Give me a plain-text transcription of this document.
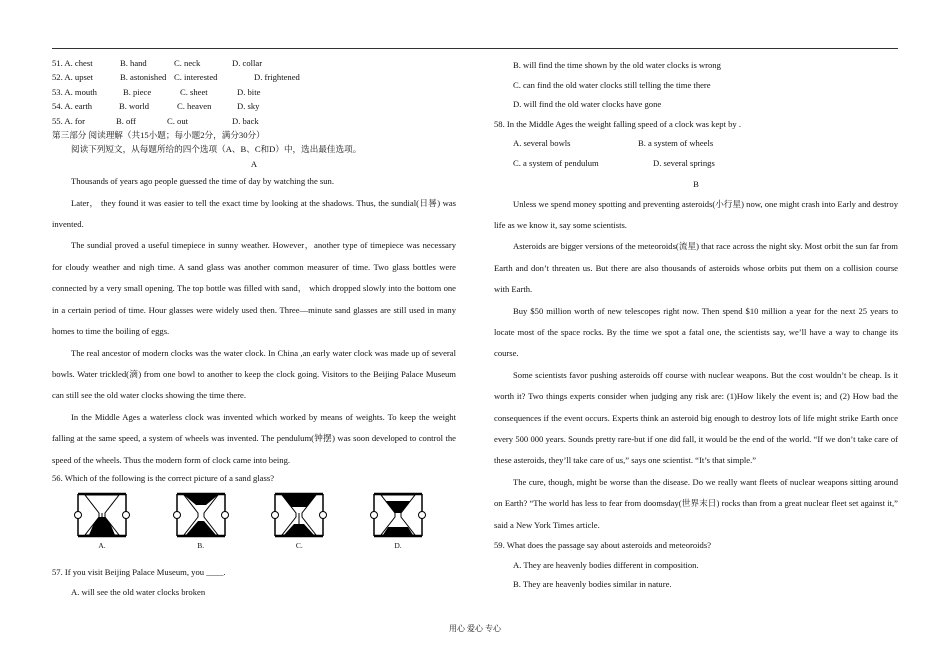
51. A. chest	B. hand	C. neck	D. collar
52. A. upset	B. astonished C. interested	D. frightened
53. A. mouth	B. piece	C. sheet	D. bite
54. A. earth	B. world	C. heaven	D. sky
55. A. for	B. off	C. out	D. back
第三部分 阅读理解（共15小题；每小题2分，满分30分）
阅读下列短文，从每题所给的四个选项（A、B、C和D）中，选出最佳选项。
A
Thousands of years ago people guessed the time of day by watching the sun.
Later， they found it was easier to tell the exact time by looking at the shadows. Thus, the sundial(日晷) was invented.
The sundial proved a useful timepiece in sunny weather. However，another type of timepiece was necessary for cloudy weather and nigh time. A sand glass was another common measurer of time. Two glass bottles were connected by a very small opening. The top bottle was filled with sand， which dropped slowly into the bottom one in a certain period of time. Hour glasses were widely used then. Three—minute sand glasses are still used in many homes to time the boiling of eggs.
The real ancestor of modern clocks was the water clock. In China ,an early water clock was made up of several bowls. Water trickled(滴) from one bowl to another to keep the clock going. Visitors to the Beijing Palace Museum can still see the old water clocks showing the time there.
In the Middle Ages a waterless clock was invented which worked by means of weights. To keep the weight falling at the same speed, a system of wheels was invented. The pendulum(钟摆) was soon developed to control the speed of the wheels. Thus the modern form of clock came into being.
56. Which of the following is the correct picture of a sand glass?
A.	B.	C.	D.
57. If you visit Beijing Palace Museum, you ____.
A. will see the old water clocks broken
B. will find the time shown by the old water clocks is wrong
C. can find the old water clocks still telling the time there
D. will find the old water clocks have gone
58. In the Middle Ages the weight falling speed of a clock was kept by .
A. several bowls	B. a system of wheels
C. a system of pendulum	D. several springs
B
Unless we spend money spotting and preventing asteroids(小行星) now, one might crash into Early and destroy life as we know it, say some scientists.
Asteroids are bigger versions of the meteoroids(流星) that race across the night sky. Most orbit the sun far from Earth and don’t threaten us. But there are also thousands of asteroids whose orbits put them on a collision course with Earth.
Buy $50 million worth of new telescopes right now. Then spend $10 million a year for the next 25 years to locate most of the space rocks. By the time we spot a fatal one, the scientists say, we’ll have a way to change its course.
Some scientists favor pushing asteroids off course with nuclear weapons. But the cost wouldn’t be cheap. Is it worth it? Two things experts consider when judging any risk are: (1)How likely the event is; and (2) How bad the consequences if the event occurs. Experts think an asteroid big enough to destroy lots of life might strike Earth once every 500 000 years. Sounds pretty rare-but if one did fall, it would be the end of the world. “If we don’t take care of these asteroids, they’ll take care of us,” says one scientist. “It’s that simple.”
The cure, though, might be worse than the disease. Do we really want fleets of nuclear weapons sitting around on Earth? “The world has less to fear from doomsday(世界末日) rocks than from a great nuclear fleet set against it,” said a New York Times article.
59. What does the passage say about asteroids and meteoroids?
A. They are heavenly bodies different in composition.
B. They are heavenly bodies similar in nature.
用心 爱心 专心
